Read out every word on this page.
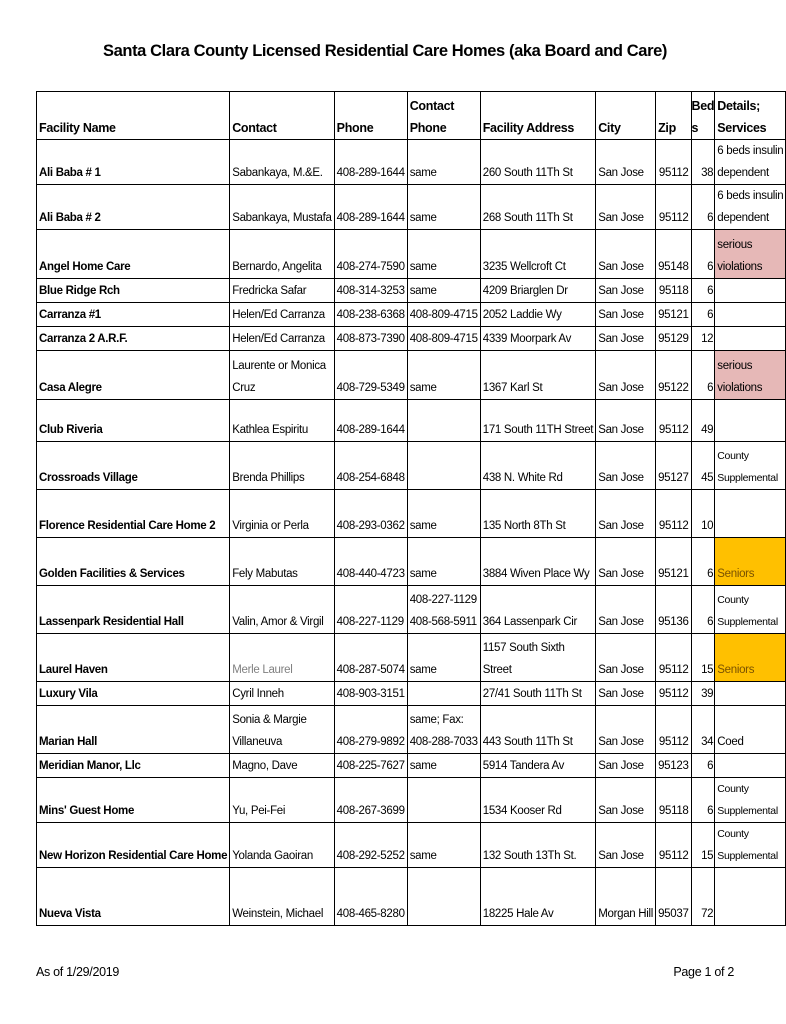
Santa Clara County Licensed Residential Care Homes (aka Board and Care)
Facility Name	Contact	Phone	Contact
Phone	Facility Address	City	Zip	Bed
s	Details;
Services

Ali Baba # 1	Sabankaya, M.&E.	408-289-1644	same	260 South 11Th St	San Jose	95112	38	6 beds insulin
dependent

Ali Baba # 2	Sabankaya, Mustafa	408-289-1644	same	268 South 11Th St	San Jose	95112	6	6 beds insulin
dependent

Angel Home Care	Bernardo, Angelita	408-274-7590	same	3235 Wellcroft Ct	San Jose	95148	6	serious
violations

Blue Ridge Rch	Fredricka Safar	408-314-3253	same	4209 Briarglen Dr	San Jose	95118	6	

Carranza #1	Helen/Ed Carranza	408-238-6368	408-809-4715	2052 Laddie Wy	San Jose	95121	6	

Carranza 2 A.R.F.	Helen/Ed Carranza	408-873-7390	408-809-4715	4339 Moorpark Av	San Jose	95129	12	

Casa Alegre	Laurente or Monica
Cruz	408-729-5349	same	1367 Karl St	San Jose	95122	6	serious
violations

Club Riveria	Kathlea Espiritu	408-289-1644		171 South 11TH Street	San Jose	95112	49	

Crossroads Village	Brenda Phillips	408-254-6848		438 N. White Rd	San Jose	95127	45	County
Supplemental

Florence Residential Care Home 2	Virginia or Perla	408-293-0362	same	135 North 8Th St	San Jose	95112	10	

Golden Facilities & Services	Fely Mabutas	408-440-4723	same	3884 Wiven Place Wy	San Jose	95121	6	Seniors

Lassenpark Residential Hall	Valin, Amor & Virgil	408-227-1129	408-227-1129
408-568-5911	364 Lassenpark Cir	San Jose	95136	6	County
Supplemental

Laurel Haven	Merle Laurel	408-287-5074	same	1157 South Sixth
Street	San Jose	95112	15	Seniors

Luxury Vila	Cyril Inneh	408-903-3151		27/41 South 11Th St	San Jose	95112	39	

Marian Hall	Sonia & Margie
Villaneuva	408-279-9892	same; Fax:
408-288-7033	443 South 11Th St	San Jose	95112	34	Coed

Meridian Manor, Llc	Magno, Dave	408-225-7627	same	5914 Tandera Av	San Jose	95123	6	

Mins' Guest Home	Yu, Pei-Fei	408-267-3699		1534 Kooser Rd	San Jose	95118	6	County
Supplemental

New Horizon Residential Care Home	Yolanda Gaoiran	408-292-5252	same	132 South 13Th St.	San Jose	95112	15	County
Supplemental

Nueva Vista	Weinstein, Michael	408-465-8280		18225 Hale Av	Morgan Hill	95037	72	
As of 1/29/2019	Page 1 of 2
